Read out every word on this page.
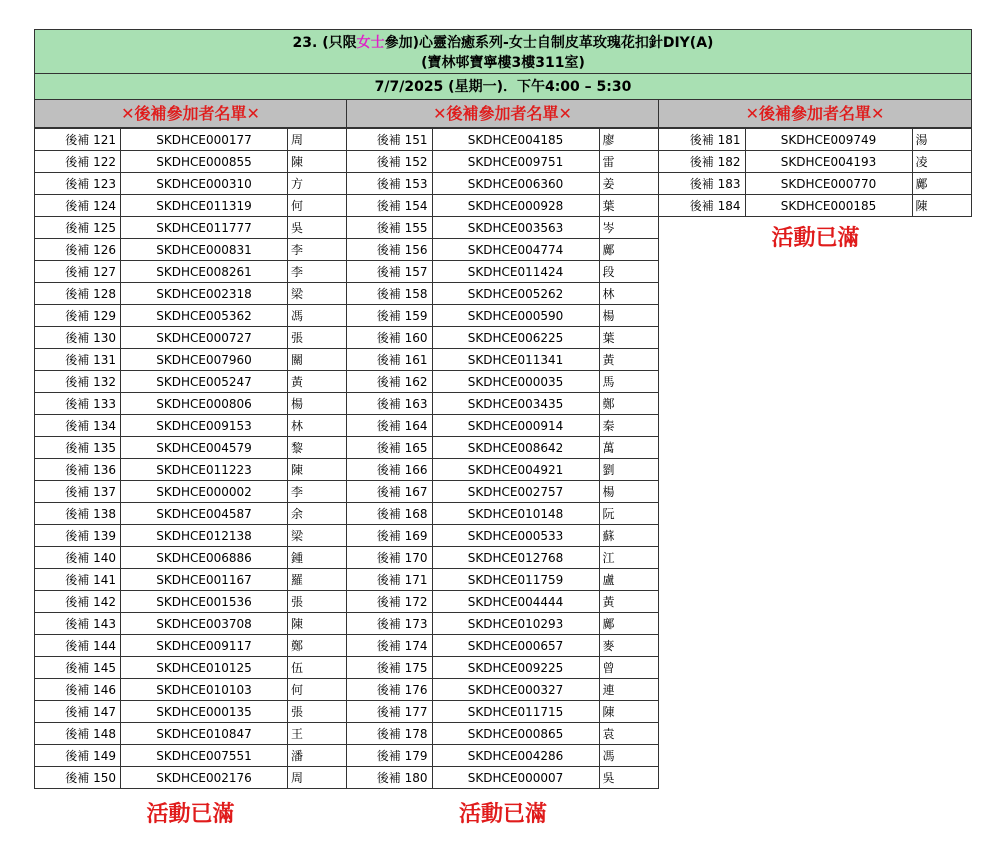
23. (只限女士參加)心靈治癒系列-女士自制皮革玫瑰花扣針DIY(A)
(寶林邨寶寧樓3樓311室)
7/7/2025 (星期一)．下午4:00 – 5:30
✕後補參加者名單✕	✕後補參加者名單✕	✕後補參加者名單✕
後補 121	SKDHCE000177	周
後補 122	SKDHCE000855	陳
後補 123	SKDHCE000310	方
後補 124	SKDHCE011319	何
後補 125	SKDHCE011777	吳
後補 126	SKDHCE000831	李
後補 127	SKDHCE008261	李
後補 128	SKDHCE002318	梁
後補 129	SKDHCE005362	馮
後補 130	SKDHCE000727	張
後補 131	SKDHCE007960	關
後補 132	SKDHCE005247	黃
後補 133	SKDHCE000806	楊
後補 134	SKDHCE009153	林
後補 135	SKDHCE004579	黎
後補 136	SKDHCE011223	陳
後補 137	SKDHCE000002	李
後補 138	SKDHCE004587	余
後補 139	SKDHCE012138	梁
後補 140	SKDHCE006886	鍾
後補 141	SKDHCE001167	羅
後補 142	SKDHCE001536	張
後補 143	SKDHCE003708	陳
後補 144	SKDHCE009117	鄭
後補 145	SKDHCE010125	伍
後補 146	SKDHCE010103	何
後補 147	SKDHCE000135	張
後補 148	SKDHCE010847	王
後補 149	SKDHCE007551	潘
後補 150	SKDHCE002176	周
活動已滿
後補 151	SKDHCE004185	廖
後補 152	SKDHCE009751	雷
後補 153	SKDHCE006360	姜
後補 154	SKDHCE000928	葉
後補 155	SKDHCE003563	岑
後補 156	SKDHCE004774	鄺
後補 157	SKDHCE011424	段
後補 158	SKDHCE005262	林
後補 159	SKDHCE000590	楊
後補 160	SKDHCE006225	葉
後補 161	SKDHCE011341	黃
後補 162	SKDHCE000035	馬
後補 163	SKDHCE003435	鄭
後補 164	SKDHCE000914	秦
後補 165	SKDHCE008642	萬
後補 166	SKDHCE004921	劉
後補 167	SKDHCE002757	楊
後補 168	SKDHCE010148	阮
後補 169	SKDHCE000533	蘇
後補 170	SKDHCE012768	江
後補 171	SKDHCE011759	盧
後補 172	SKDHCE004444	黃
後補 173	SKDHCE010293	鄺
後補 174	SKDHCE000657	麥
後補 175	SKDHCE009225	曾
後補 176	SKDHCE000327	連
後補 177	SKDHCE011715	陳
後補 178	SKDHCE000865	袁
後補 179	SKDHCE004286	馮
後補 180	SKDHCE000007	吳
活動已滿
後補 181	SKDHCE009749	湯
後補 182	SKDHCE004193	凌
後補 183	SKDHCE000770	鄺
後補 184	SKDHCE000185	陳
活動已滿
